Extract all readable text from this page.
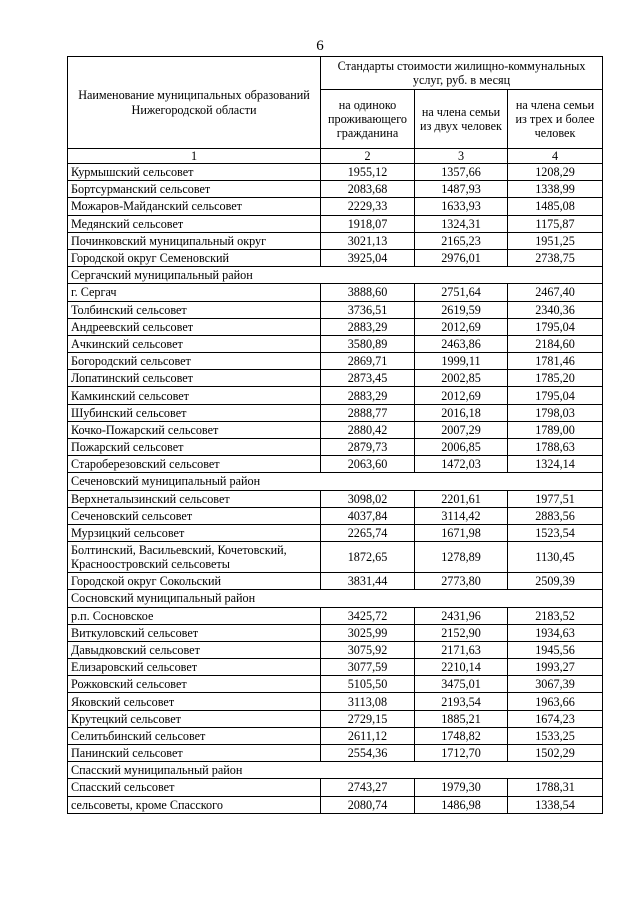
6
Наименование муниципальных образований Нижегородской области	Стандарты стоимости жилищно-коммунальных услуг, руб. в месяц		
	на одиноко проживающего гражданина	на члена семьи из двух человек	на члена семьи из трех и более человек
1	2	3	4
Курмышский сельсовет	1955,12	1357,66	1208,29
Бортсурманский сельсовет	2083,68	1487,93	1338,99
Можаров-Майданский сельсовет	2229,33	1633,93	1485,08
Медянский сельсовет	1918,07	1324,31	1175,87
Починковский муниципальный округ	3021,13	2165,23	1951,25
Городской округ Семеновский	3925,04	2976,01	2738,75
Сергачский муниципальный район			
г. Сергач	3888,60	2751,64	2467,40
Толбинский сельсовет	3736,51	2619,59	2340,36
Андреевский сельсовет	2883,29	2012,69	1795,04
Ачкинский сельсовет	3580,89	2463,86	2184,60
Богородский сельсовет	2869,71	1999,11	1781,46
Лопатинский сельсовет	2873,45	2002,85	1785,20
Камкинский сельсовет	2883,29	2012,69	1795,04
Шубинский сельсовет	2888,77	2016,18	1798,03
Кочко-Пожарский сельсовет	2880,42	2007,29	1789,00
Пожарский сельсовет	2879,73	2006,85	1788,63
Староберезовский сельсовет	2063,60	1472,03	1324,14
Сеченовский муниципальный район			
Верхнеталызинский сельсовет	3098,02	2201,61	1977,51
Сеченовский сельсовет	4037,84	3114,42	2883,56
Мурзицкий сельсовет	2265,74	1671,98	1523,54
Болтинский, Васильевский, Кочетовский, Красноостровский сельсоветы	1872,65	1278,89	1130,45
Городской округ Сокольский	3831,44	2773,80	2509,39
Сосновский муниципальный район			
р.п. Сосновское	3425,72	2431,96	2183,52
Виткуловский сельсовет	3025,99	2152,90	1934,63
Давыдковский сельсовет	3075,92	2171,63	1945,56
Елизаровский сельсовет	3077,59	2210,14	1993,27
Рожковский сельсовет	5105,50	3475,01	3067,39
Яковский сельсовет	3113,08	2193,54	1963,66
Крутецкий сельсовет	2729,15	1885,21	1674,23
Селитьбинский сельсовет	2611,12	1748,82	1533,25
Панинский сельсовет	2554,36	1712,70	1502,29
Спасский муниципальный район			
Спасский сельсовет	2743,27	1979,30	1788,31
сельсоветы, кроме Спасского	2080,74	1486,98	1338,54
